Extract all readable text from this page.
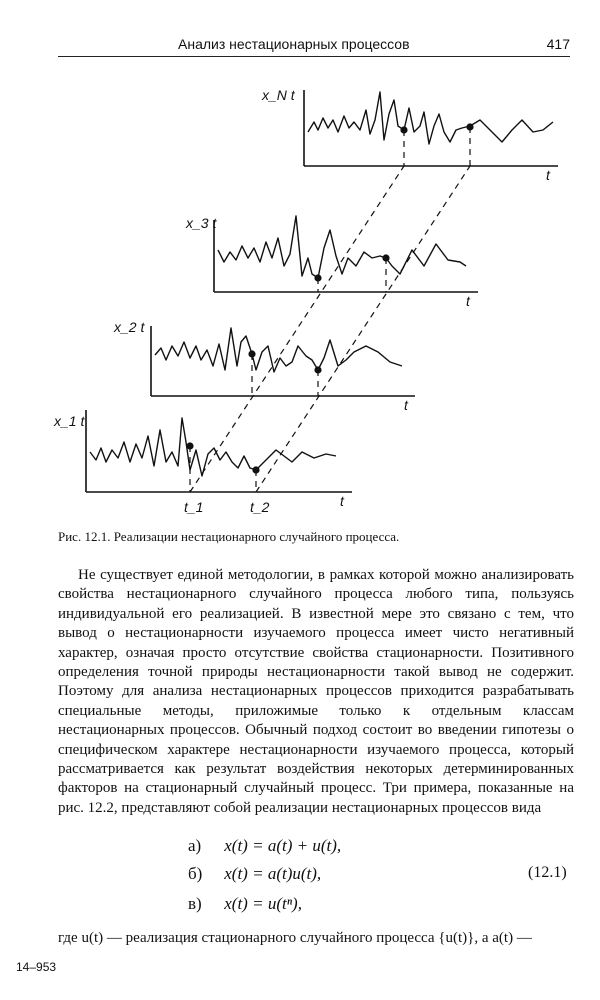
Анализ нестационарных процессов	417
x_N t
x_3 t
x_2 t
x_1 t
t
t
t
t
t_1	t_2
Рис. 12.1. Реализации нестационарного случайного процесса.

Не существует единой методологии, в рамках которой можно анализировать свойства нестационарного случайного процесса любого типа, пользуясь индивидуальной его реализацией. В известной мере это связано с тем, что вывод о нестационарности изучаемого процесса имеет чисто негативный характер, означая просто отсутствие свойства стационарности. Позитивного определения точной природы нестационарности такой вывод не содержит. Поэтому для анализа нестационарных процессов приходится разрабатывать специальные методы, приложимые только к отдельным классам нестационарных процессов. Обычный подход состоит во введении гипотезы о специфическом характере нестационарности изучаемого процесса, который рассматривается как результат воздействия некоторых детерминированных факторов на стационарный случайный процесс. Три примера, показанные на рис. 12.2, представляют собой реализации нестационарных процессов вида

а) x(t) = a(t) + u(t),
б) x(t) = a(t)u(t),
в) x(t) = u(tⁿ),
(12.1)
где u(t) — реализация стационарного случайного процесса {u(t)}, а a(t) —
14–953
